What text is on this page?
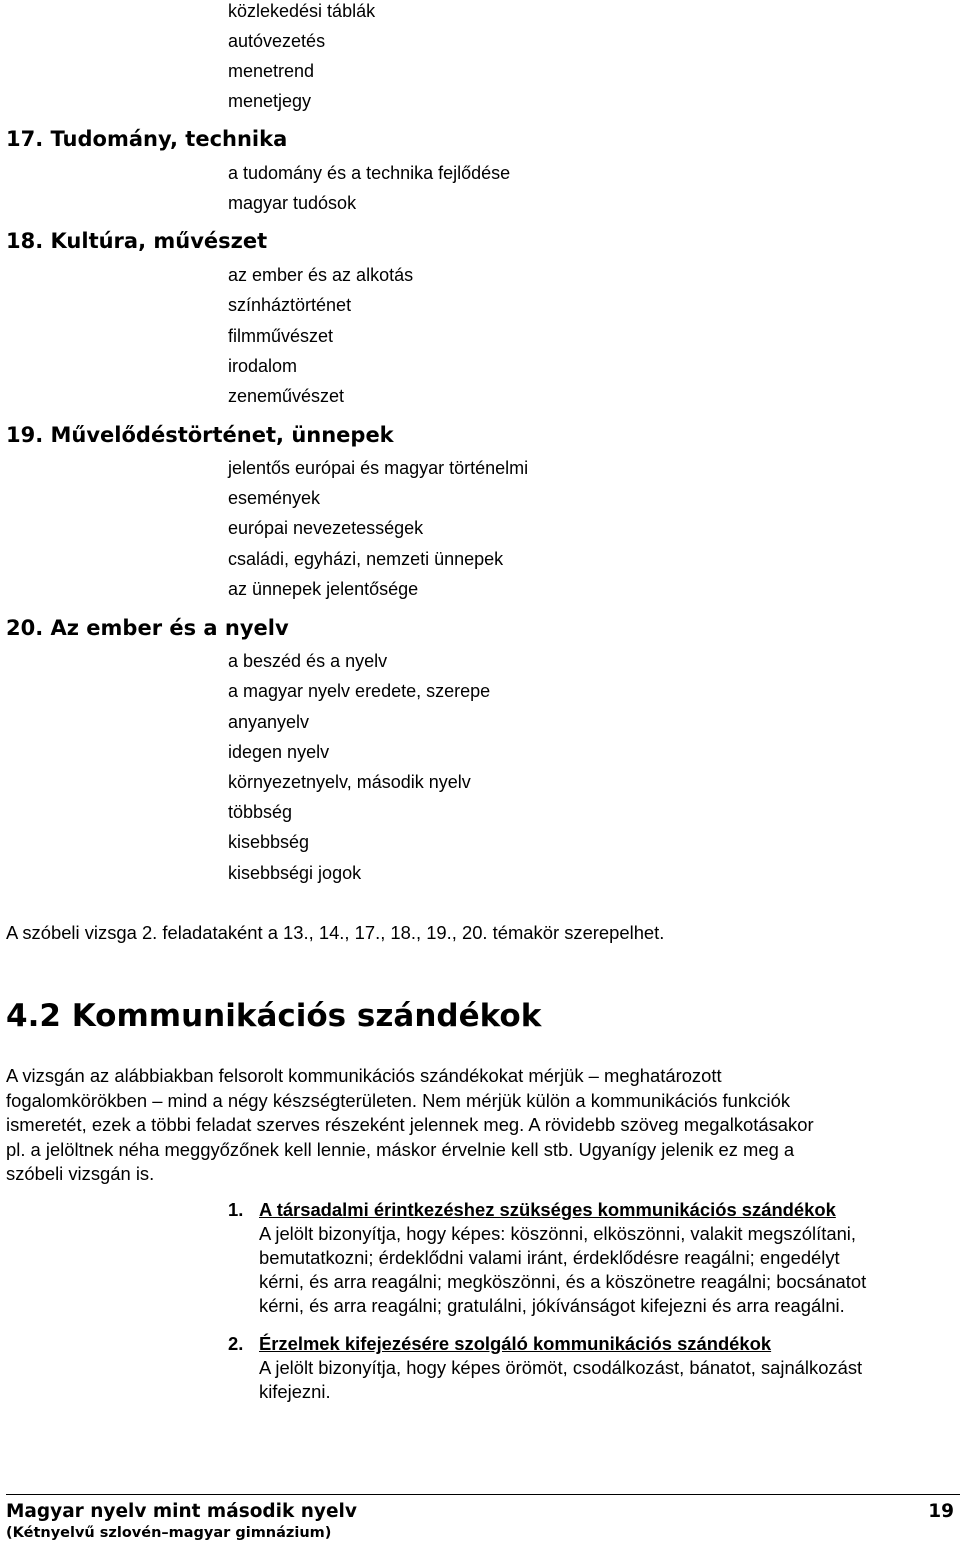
közlekedési táblák
autóvezetés
menetrend
menetjegy
17. Tudomány, technika
a tudomány és a technika fejlődése
magyar tudósok
18. Kultúra, művészet
az ember és az alkotás
színháztörténet
filmművészet
irodalom
zeneművészet
19. Művelődéstörténet, ünnepek
jelentős európai és magyar történelmi
események
európai nevezetességek
családi, egyházi, nemzeti ünnepek
az ünnepek jelentősége
20. Az ember és a nyelv
a beszéd és a nyelv
a magyar nyelv eredete, szerepe
anyanyelv
idegen nyelv
környezetnyelv, második nyelv
többség
kisebbség
kisebbségi jogok
A szóbeli vizsga 2. feladataként a 13., 14., 17., 18., 19., 20. témakör szerepelhet.
4.2 Kommunikációs szándékok
A vizsgán az alábbiakban felsorolt kommunikációs szándékokat mérjük – meghatározott
fogalomkörökben – mind a négy készségterületen. Nem mérjük külön a kommunikációs funkciók
ismeretét, ezek a többi feladat szerves részeként jelennek meg. A rövidebb szöveg megalkotásakor
pl. a jelöltnek néha meggyőzőnek kell lennie, máskor érvelnie kell stb. Ugyanígy jelenik ez meg a
szóbeli vizsgán is.
1. A társadalmi érintkezéshez szükséges kommunikációs szándékok
A jelölt bizonyítja, hogy képes: köszönni, elköszönni, valakit megszólítani,
bemutatkozni; érdeklődni valami iránt, érdeklődésre reagálni; engedélyt
kérni, és arra reagálni; megköszönni, és a köszönetre reagálni; bocsánatot
kérni, és arra reagálni; gratulálni, jókívánságot kifejezni és arra reagálni.
2. Érzelmek kifejezésére szolgáló kommunikációs szándékok
A jelölt bizonyítja, hogy képes örömöt, csodálkozást, bánatot, sajnálkozást
kifejezni.
Magyar nyelv mint második nyelv
(Kétnyelvű szlovén–magyar gimnázium)
19
